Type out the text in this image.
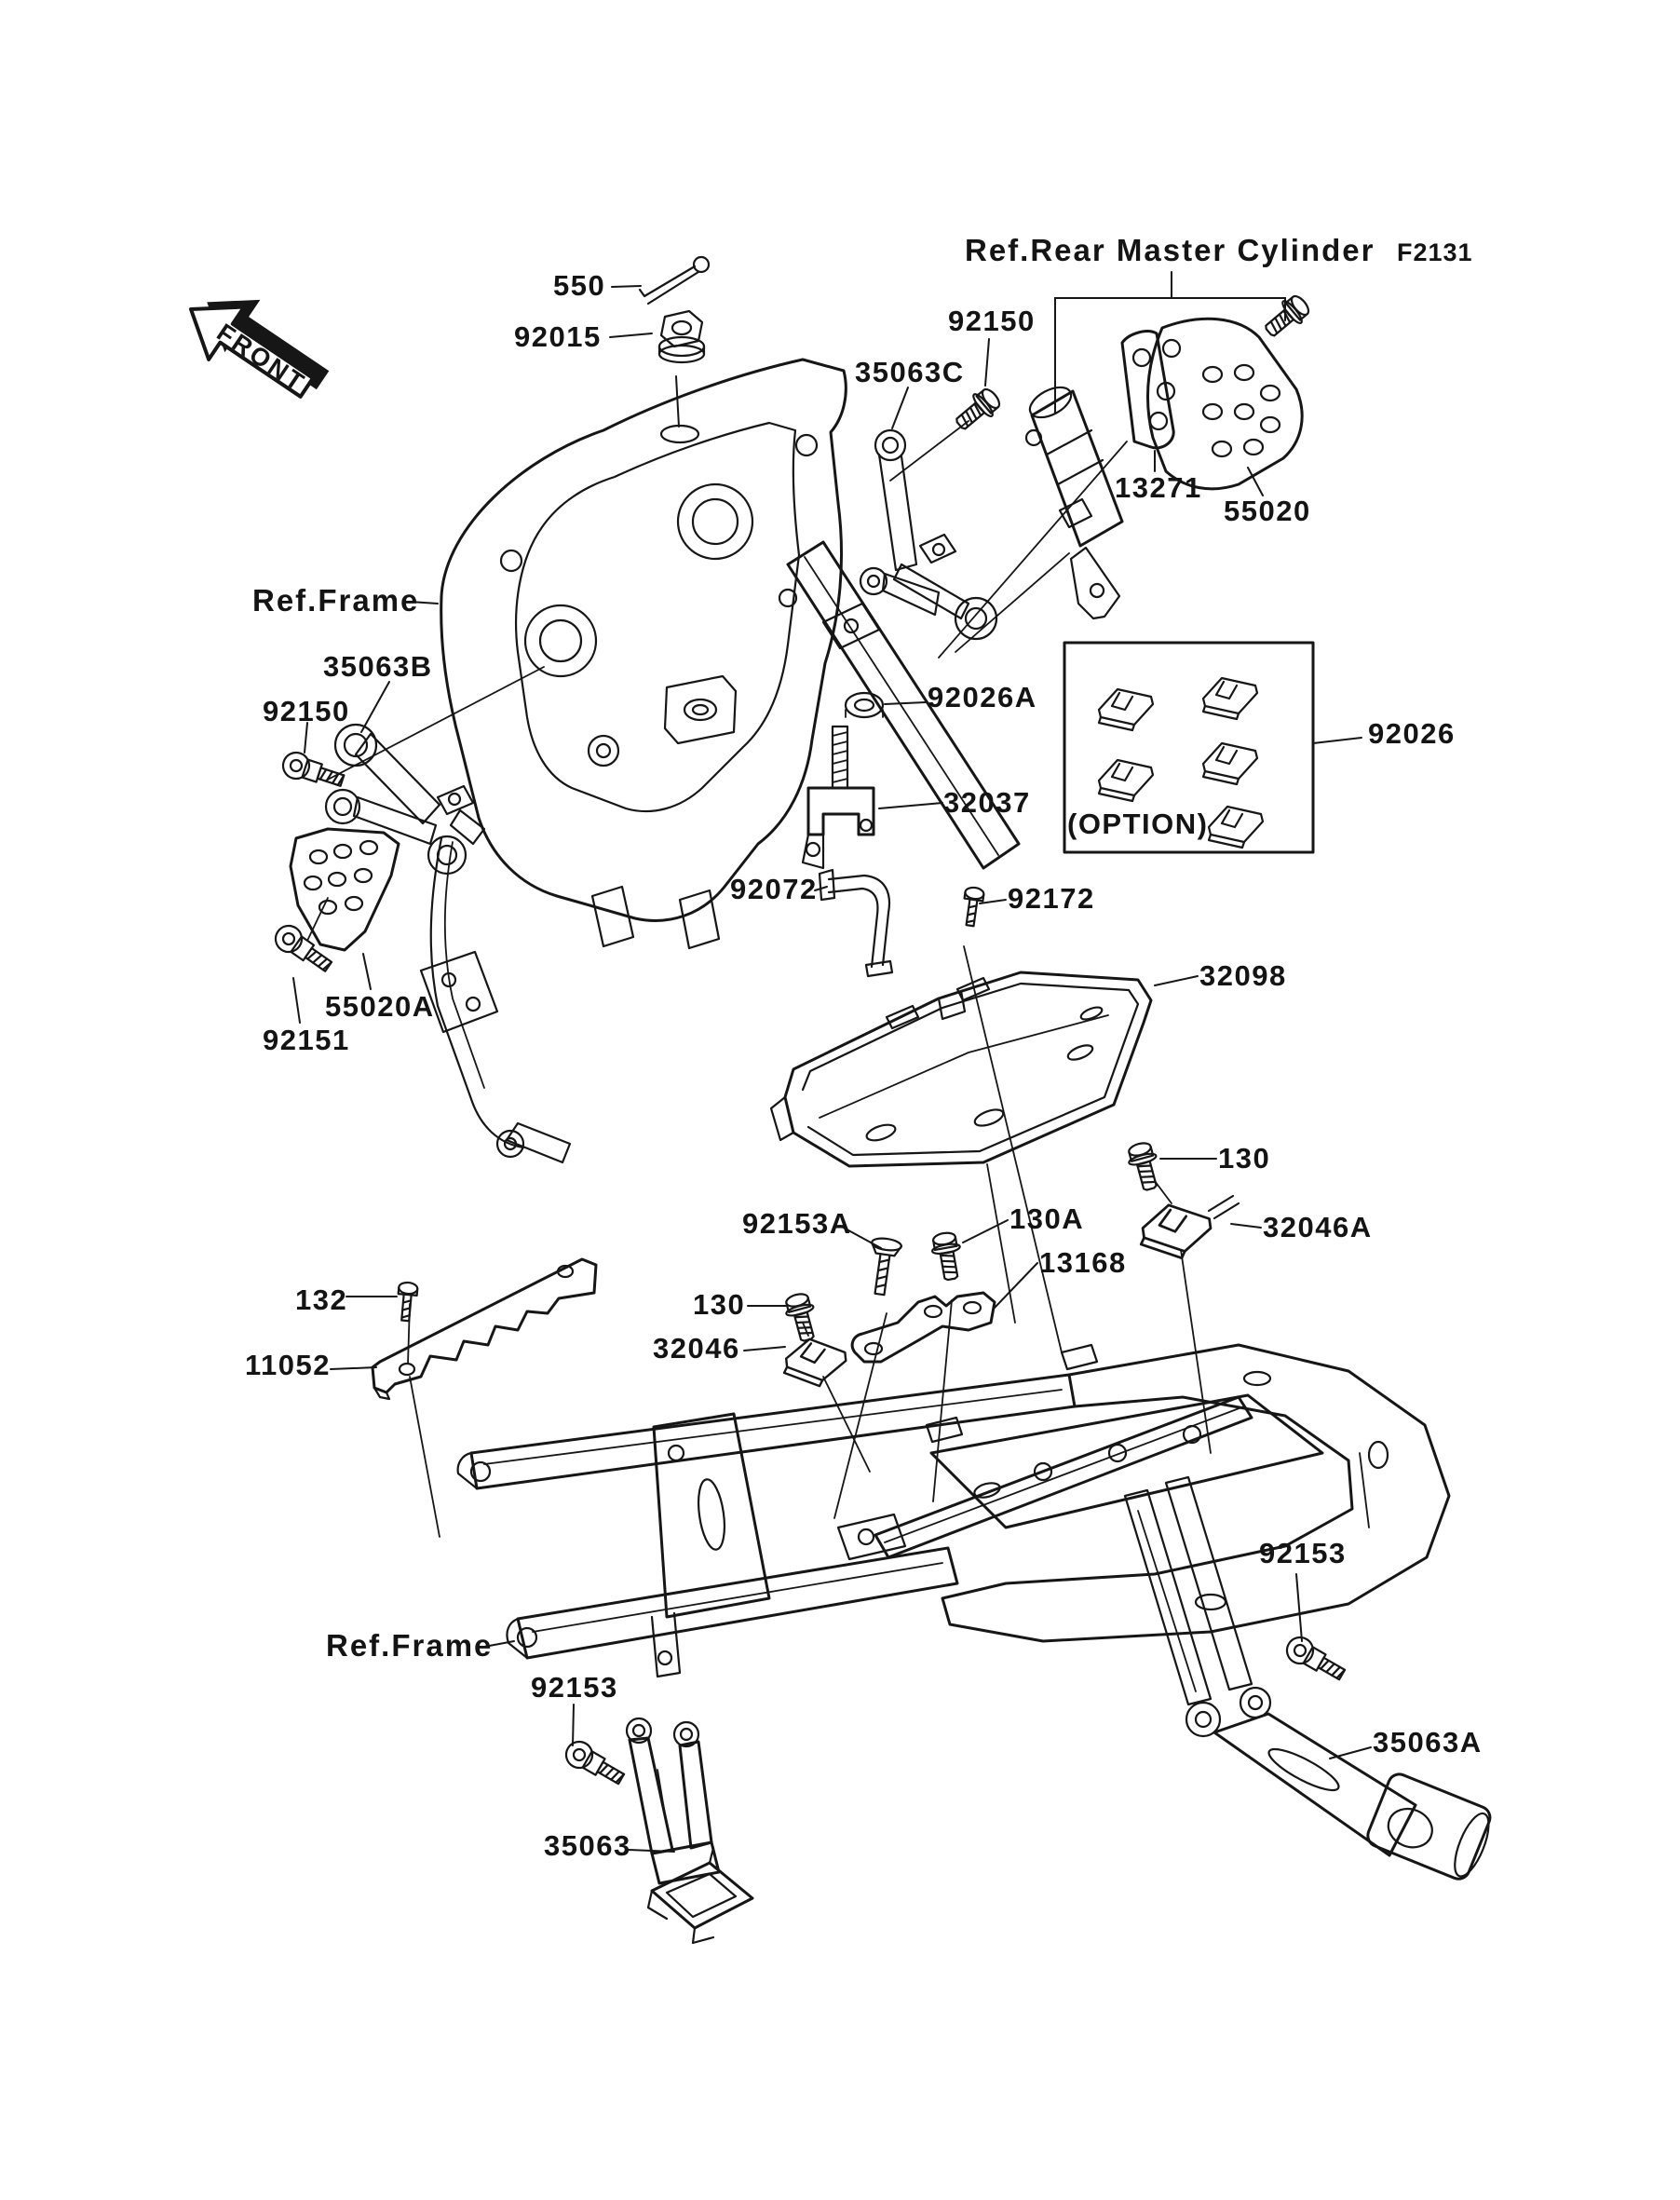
FRONT
550
92015
Ref.Rear Master Cylinder F2131
92150
35063C
13271
55020
Ref.Frame
35063B
92150	92026A
32037
92026
(OPTION)
92072	92172
32098
55020A
92151
130
92153A	130A	32046A
13168
132	130
32046
11052
92153
Ref.Frame
92153
35063A
35063
